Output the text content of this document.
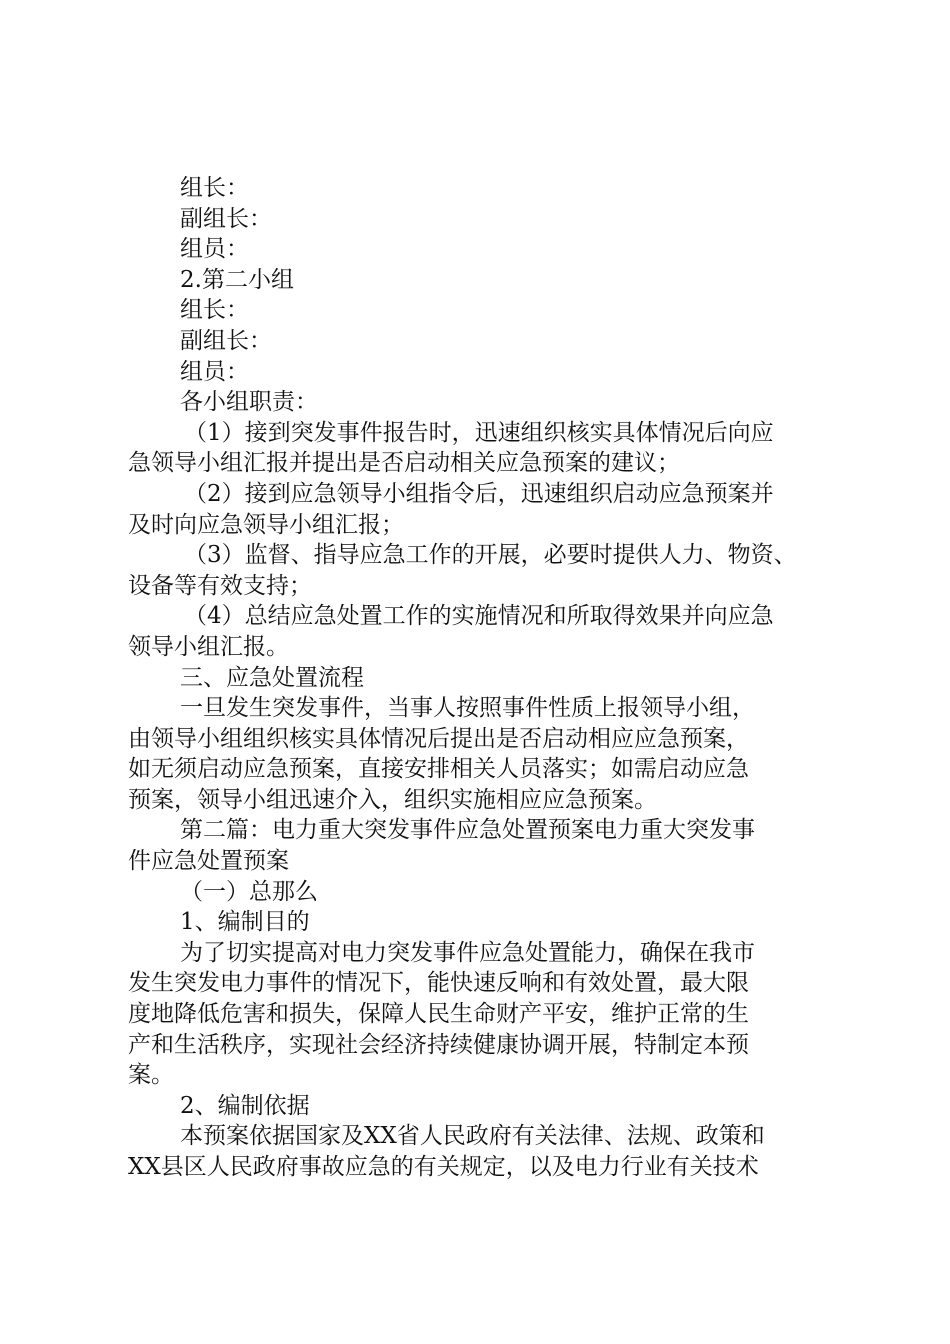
组长：

副组长：

组员：

2.第二小组

组长：

副组长：

组员：

各小组职责：

（1）接到突发事件报告时，迅速组织核实具体情况后向应

急领导小组汇报并提出是否启动相关应急预案的建议；

（2）接到应急领导小组指令后，迅速组织启动应急预案并

及时向应急领导小组汇报；

（3）监督、指导应急工作的开展，必要时提供人力、物资、

设备等有效支持；

（4）总结应急处置工作的实施情况和所取得效果并向应急

领导小组汇报。

三、应急处置流程

一旦发生突发事件，当事人按照事件性质上报领导小组，

由领导小组组织核实具体情况后提出是否启动相应应急预案，

如无须启动应急预案，直接安排相关人员落实；如需启动应急

预案，领导小组迅速介入，组织实施相应应急预案。

第二篇：电力重大突发事件应急处置预案电力重大突发事

件应急处置预案

（一）总那么

1、编制目的

为了切实提高对电力突发事件应急处置能力，确保在我市

发生突发电力事件的情况下，能快速反响和有效处置，最大限

度地降低危害和损失，保障人民生命财产平安，维护正常的生

产和生活秩序，实现社会经济持续健康协调开展，特制定本预

案。

2、编制依据

本预案依据国家及XX省人民政府有关法律、法规、政策和

XX县区人民政府事故应急的有关规定，以及电力行业有关技术
